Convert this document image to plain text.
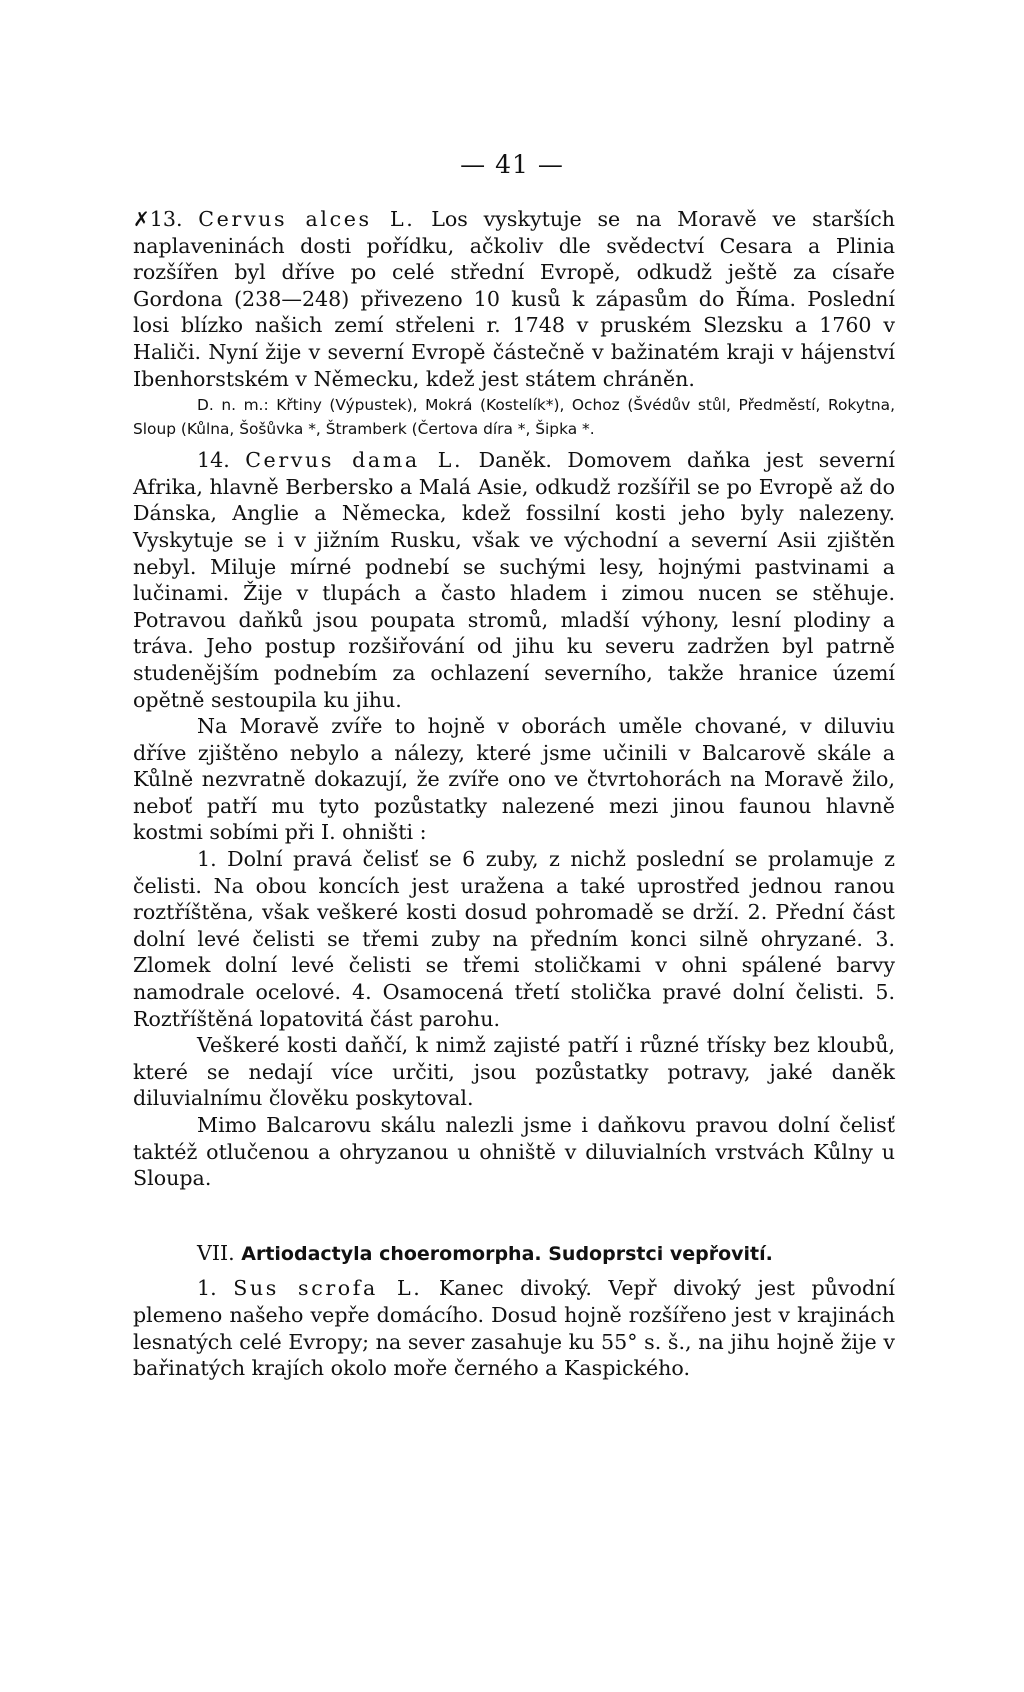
— 41 —

✗13. Cervus alces L. Los vyskytuje se na Moravě ve starších naplaveninách dosti pořídku, ačkoliv dle svědectví Cesara a Plinia rozšířen byl dříve po celé střední Evropě, odkudž ještě za císaře Gordona (238—248) přivezeno 10 kusů k zápasům do Říma. Poslední losi blízko našich zemí střeleni r. 1748 v pruském Slezsku a 1760 v Haliči. Nyní žije v severní Evropě částečně v bažinatém kraji v hájenství Ibenhorstském v Německu, kdež jest státem chráněn.

D. n. m.: Křtiny (Výpustek), Mokrá (Kostelík*), Ochoz (Švédův stůl, Předměstí, Rokytna, Sloup (Kůlna, Šošůvka *, Štramberk (Čertova díra *, Šipka *.

14. Cervus dama L. Daněk. Domovem daňka jest severní Afrika, hlavně Berbersko a Malá Asie, odkudž rozšířil se po Evropě až do Dánska, Anglie a Německa, kdež fossilní kosti jeho byly nalezeny. Vyskytuje se i v jižním Rusku, však ve východní a severní Asii zjištěn nebyl. Miluje mírné podnebí se suchými lesy, hojnými pastvinami a lučinami. Žije v tlupách a často hladem i zimou nucen se stěhuje. Potravou daňků jsou poupata stromů, mladší výhony, lesní plodiny a tráva. Jeho postup rozšiřování od jihu ku severu zadržen byl patrně studenějším podnebím za ochlazení severního, takže hranice území opětně sestoupila ku jihu.

Na Moravě zvíře to hojně v oborách uměle chované, v diluviu dříve zjištěno nebylo a nálezy, které jsme učinili v Balcarově skále a Kůlně nezvratně dokazují, že zvíře ono ve čtvrtohorách na Moravě žilo, neboť patří mu tyto pozůstatky nalezené mezi jinou faunou hlavně kostmi sobími při I. ohništi :

1. Dolní pravá čelisť se 6 zuby, z nichž poslední se prolamuje z čelisti. Na obou koncích jest uražena a také uprostřed jednou ranou roztříštěna, však veškeré kosti dosud pohromadě se drží. 2. Přední část dolní levé čelisti se třemi zuby na předním konci silně ohryzané. 3. Zlomek dolní levé čelisti se třemi stoličkami v ohni spálené barvy namodrale ocelové. 4. Osamocená třetí stolička pravé dolní čelisti. 5. Roztříštěná lopatovitá část parohu.

Veškeré kosti daňčí, k nimž zajisté patří i různé třísky bez kloubů, které se nedají více určiti, jsou pozůstatky potravy, jaké daněk diluvialnímu člověku poskytoval.

Mimo Balcarovu skálu nalezli jsme i daňkovu pravou dolní čelisť taktéž otlučenou a ohryzanou u ohniště v diluvialních vrstvách Kůlny u Sloupa.

VII. Artiodactyla choeromorpha. Sudoprstci vepřovití.

1. Sus scrofa L. Kanec divoký. Vepř divoký jest původní plemeno našeho vepře domácího. Dosud hojně rozšířeno jest v krajinách lesnatých celé Evropy; na sever zasahuje ku 55° s. š., na jihu hojně žije v bařinatých krajích okolo moře černého a Kaspického.
